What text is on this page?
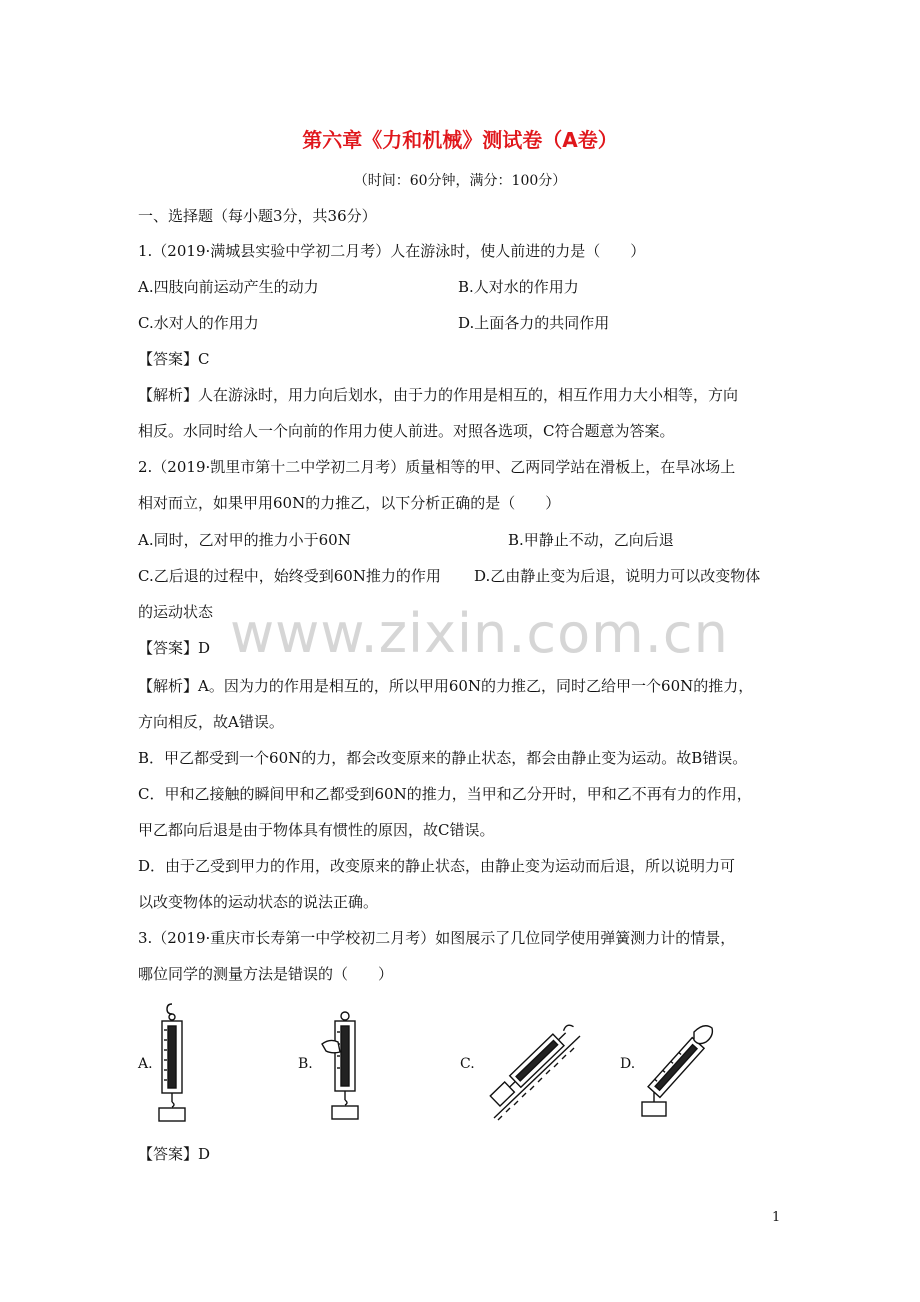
第六章《力和机械》测试卷（A卷）
（时间：60分钟，满分：100分）
一、选择题（每小题3分，共36分）
1.（2019·满城县实验中学初二月考）人在游泳时，使人前进的力是（　　）
A.四肢向前运动产生的动力	B.人对水的作用力
C.水对人的作用力	D.上面各力的共同作用
【答案】C
【解析】人在游泳时，用力向后划水，由于力的作用是相互的，相互作用力大小相等，方向
相反。水同时给人一个向前的作用力使人前进。对照各选项，C符合题意为答案。
2.（2019·凯里市第十二中学初二月考）质量相等的甲、乙两同学站在滑板上，在旱冰场上
相对而立，如果甲用60N的力推乙，以下分析正确的是（　　）
A.同时，乙对甲的推力小于60N	B.甲静止不动，乙向后退
C.乙后退的过程中，始终受到60N推力的作用 D.乙由静止变为后退，说明力可以改变物体
的运动状态 www.zixin.com.cn
【答案】D
【解析】A。因为力的作用是相互的，所以甲用60N的力推乙，同时乙给甲一个60N的推力，
方向相反，故A错误。
B．甲乙都受到一个60N的力，都会改变原来的静止状态，都会由静止变为运动。故B错误。
C．甲和乙接触的瞬间甲和乙都受到60N的推力，当甲和乙分开时，甲和乙不再有力的作用，
甲乙都向后退是由于物体具有惯性的原因，故C错误。
D．由于乙受到甲力的作用，改变原来的静止状态，由静止变为运动而后退，所以说明力可
以改变物体的运动状态的说法正确。
3.（2019·重庆市长寿第一中学校初二月考）如图展示了几位同学使用弹簧测力计的情景，
哪位同学的测量方法是错误的（　　）
A.	B.	C.	D.
【答案】D
1
